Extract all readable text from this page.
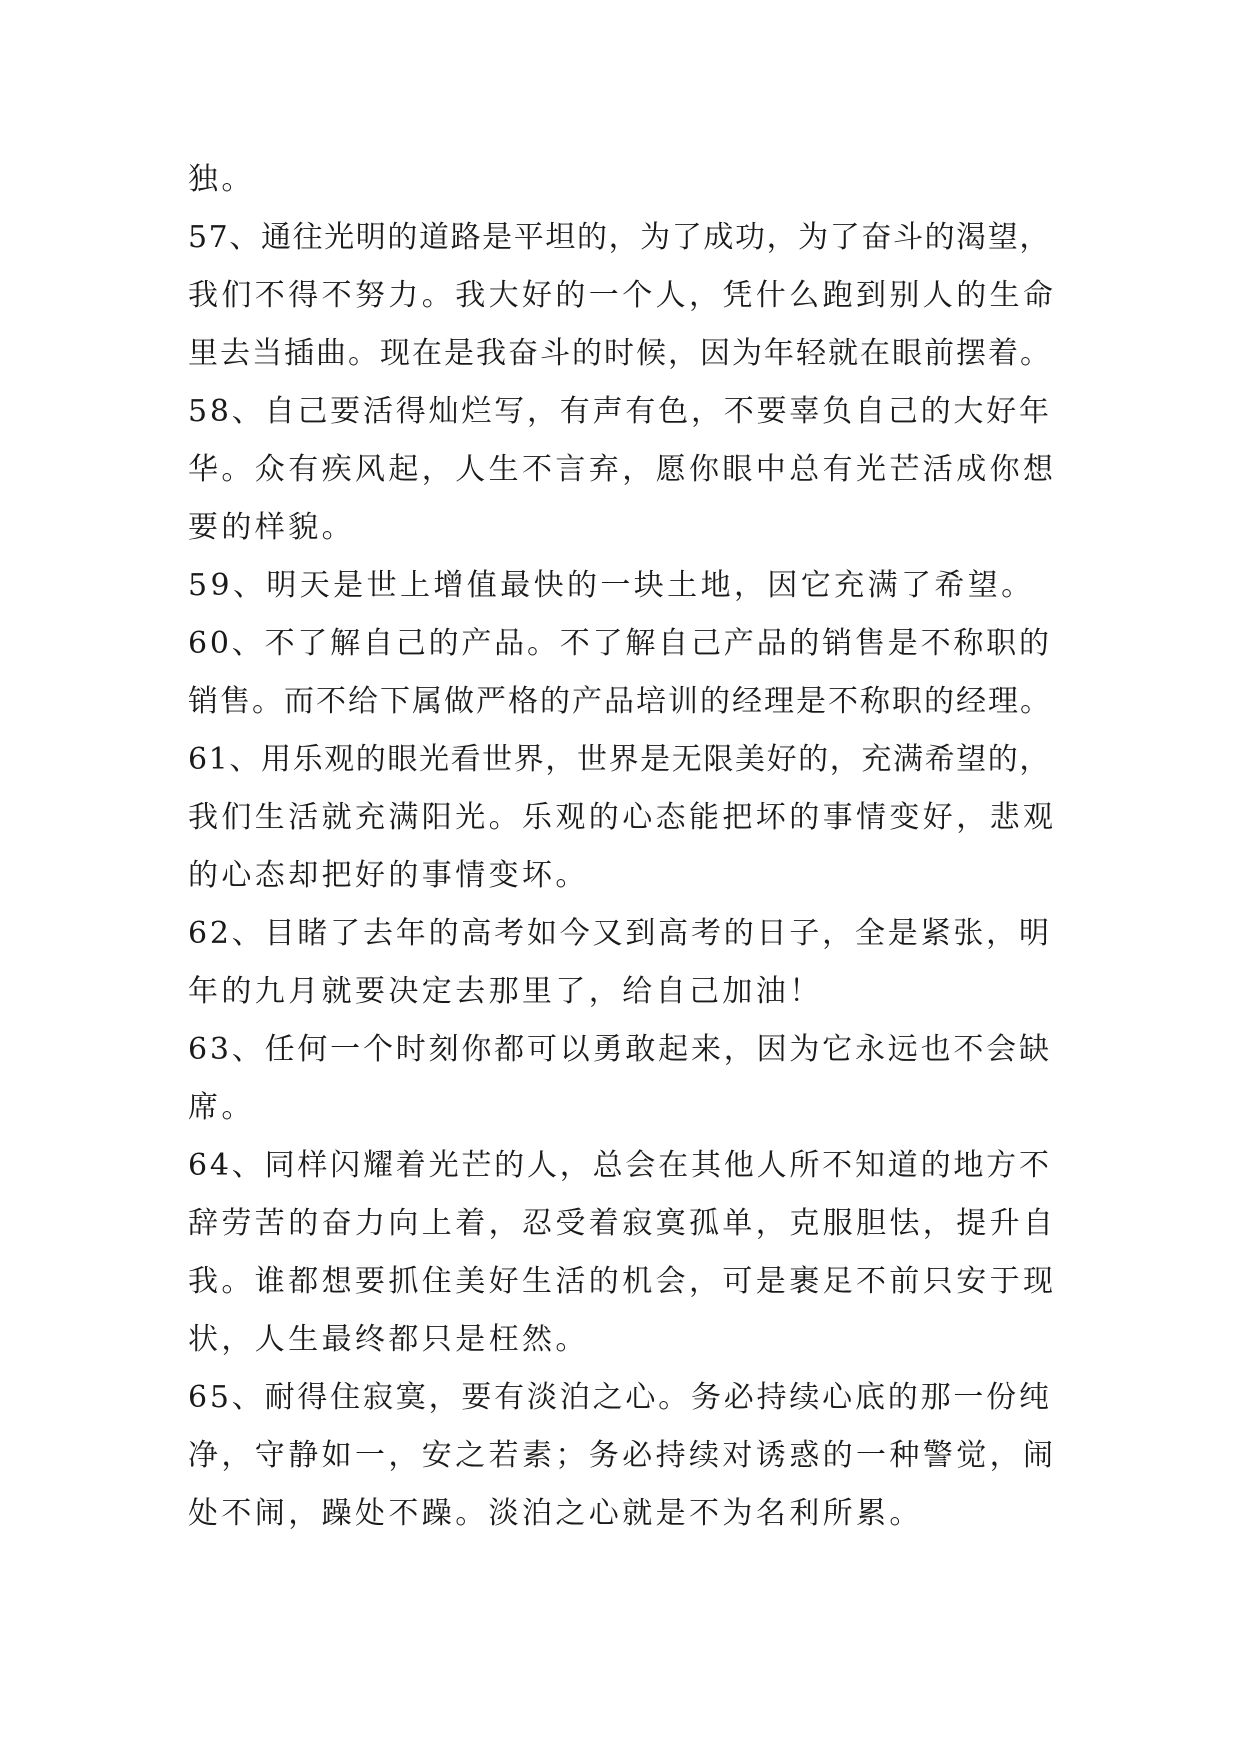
独。
57、通往光明的道路是平坦的，为了成功，为了奋斗的渴望，
我们不得不努力。我大好的一个人，凭什么跑到别人的生命
里去当插曲。现在是我奋斗的时候，因为年轻就在眼前摆着。
58、自己要活得灿烂写，有声有色，不要辜负自己的大好年
华。众有疾风起，人生不言弃，愿你眼中总有光芒活成你想
要的样貌。
59、明天是世上增值最快的一块土地，因它充满了希望。
60、不了解自己的产品。不了解自己产品的销售是不称职的
销售。而不给下属做严格的产品培训的经理是不称职的经理。
61、用乐观的眼光看世界，世界是无限美好的，充满希望的，
我们生活就充满阳光。乐观的心态能把坏的事情变好，悲观
的心态却把好的事情变坏。
62、目睹了去年的高考如今又到高考的日子，全是紧张，明
年的九月就要决定去那里了，给自己加油！
63、任何一个时刻你都可以勇敢起来，因为它永远也不会缺
席。
64、同样闪耀着光芒的人，总会在其他人所不知道的地方不
辞劳苦的奋力向上着，忍受着寂寞孤单，克服胆怯，提升自
我。谁都想要抓住美好生活的机会，可是裹足不前只安于现
状，人生最终都只是枉然。
65、耐得住寂寞，要有淡泊之心。务必持续心底的那一份纯
净，守静如一，安之若素；务必持续对诱惑的一种警觉，闹
处不闹，躁处不躁。淡泊之心就是不为名利所累。
